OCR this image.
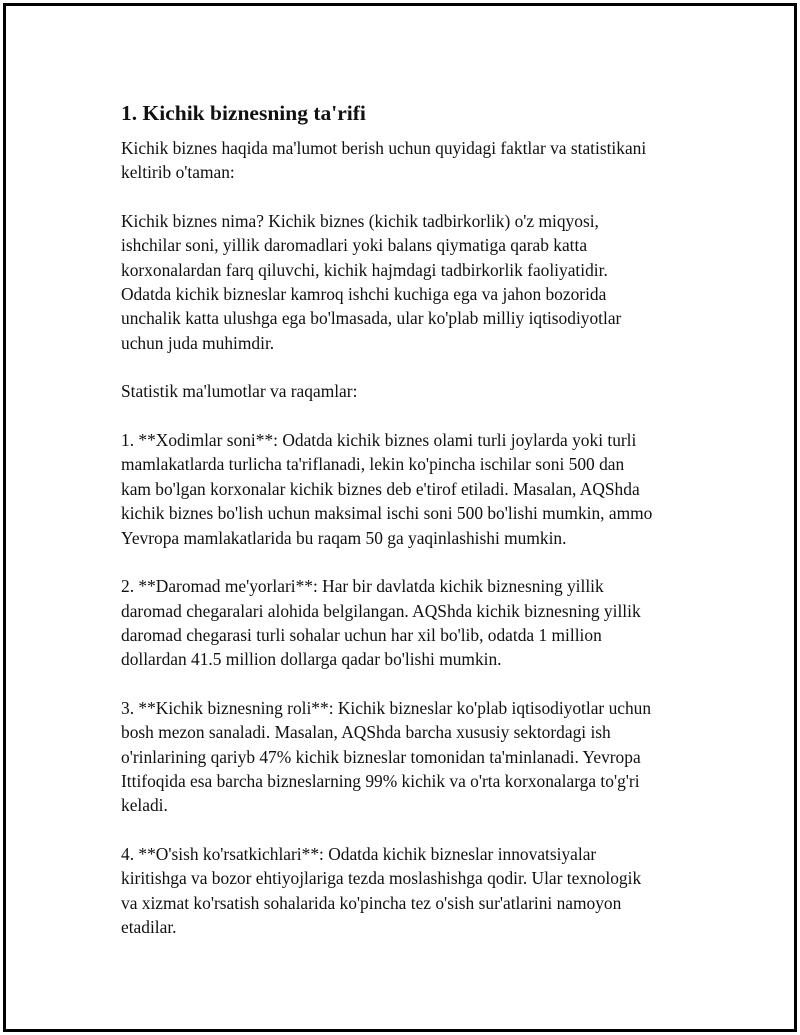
1. Kichik biznesning ta'rifi
Kichik biznes haqida ma'lumot berish uchun quyidagi faktlar va statistikani
keltirib o'taman:
Kichik biznes nima? Kichik biznes (kichik tadbirkorlik) o'z miqyosi,
ishchilar soni, yillik daromadlari yoki balans qiymatiga qarab katta
korxonalardan farq qiluvchi, kichik hajmdagi tadbirkorlik faoliyatidir.
Odatda kichik bizneslar kamroq ishchi kuchiga ega va jahon bozorida
unchalik katta ulushga ega bo'lmasada, ular ko'plab milliy iqtisodiyotlar
uchun juda muhimdir.
Statistik ma'lumotlar va raqamlar:
1. **Xodimlar soni**: Odatda kichik biznes olami turli joylarda yoki turli
mamlakatlarda turlicha ta'riflanadi, lekin ko'pincha ischilar soni 500 dan
kam bo'lgan korxonalar kichik biznes deb e'tirof etiladi. Masalan, AQShda
kichik biznes bo'lish uchun maksimal ischi soni 500 bo'lishi mumkin, ammo
Yevropa mamlakatlarida bu raqam 50 ga yaqinlashishi mumkin.
2. **Daromad me'yorlari**: Har bir davlatda kichik biznesning yillik
daromad chegaralari alohida belgilangan. AQShda kichik biznesning yillik
daromad chegarasi turli sohalar uchun har xil bo'lib, odatda 1 million
dollardan 41.5 million dollarga qadar bo'lishi mumkin.
3. **Kichik biznesning roli**: Kichik bizneslar ko'plab iqtisodiyotlar uchun
bosh mezon sanaladi. Masalan, AQShda barcha xususiy sektordagi ish
o'rinlarining qariyb 47% kichik bizneslar tomonidan ta'minlanadi. Yevropa
Ittifoqida esa barcha bizneslarning 99% kichik va o'rta korxonalarga to'g'ri
keladi.
4. **O'sish ko'rsatkichlari**: Odatda kichik bizneslar innovatsiyalar
kiritishga va bozor ehtiyojlariga tezda moslashishga qodir. Ular texnologik
va xizmat ko'rsatish sohalarida ko'pincha tez o'sish sur'atlarini namoyon
etadilar.
